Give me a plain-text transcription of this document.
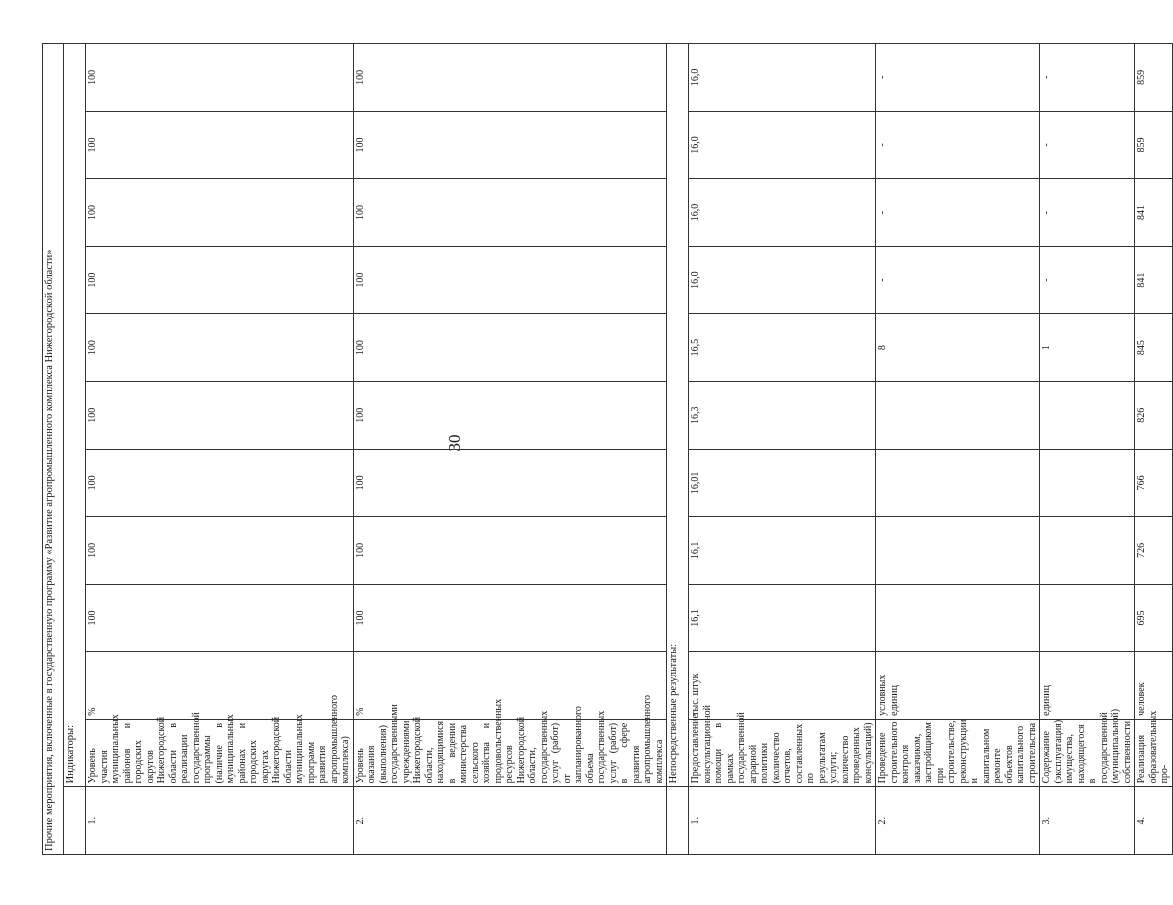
30
Прочие мероприятия, включенные в государственную программу «Развитие агропромышленного комплекса Нижегородской области»											
	Индикаторы:										
1.	Уровень участия муниципальных районов и городских округов Нижегородской области в реализации государственной программы (наличие в муниципальных районах и городских округах Нижегородской области муниципальных программ развития агропромышленного комплекса)	%	100	100	100	100	100	100	100	100	100
2.	Уровень оказания (выполнения) государственными учреждениями Нижегородской области, находящимися в ведении министерства сельского хозяйства и продовольственных ресурсов Нижегородской области, государственных услуг (работ) от запланированного объема государственных услуг (работ) в сфере развития агропромышленного комплекса	%	100	100	100	100	100	100	100	100	100
	Непосредственные результаты:										
1.	Предоставление консультационной помощи в рамках государственной аграрной политики (количество отчетов, составленных по результатам услуги; количество проведенных консультаций)	тыс. штук	16,1	16,1	16,01	16,3	16,5	16,0	16,0	16,0	16,0
2.	Проведение строительного контроля заказчиком, застройщиком при строительстве, реконструкции и капитальном ремонте объектов капитального строительства	условных единиц					8	-	-	-	-
3.	Содержание (эксплуатация) имущества, находящегося в государственной (муниципальной) собственности	единиц					1	-	-	-	-
4.	Реализация образовательных про-	человек	695	726	766	826	845	841	841	859	859
